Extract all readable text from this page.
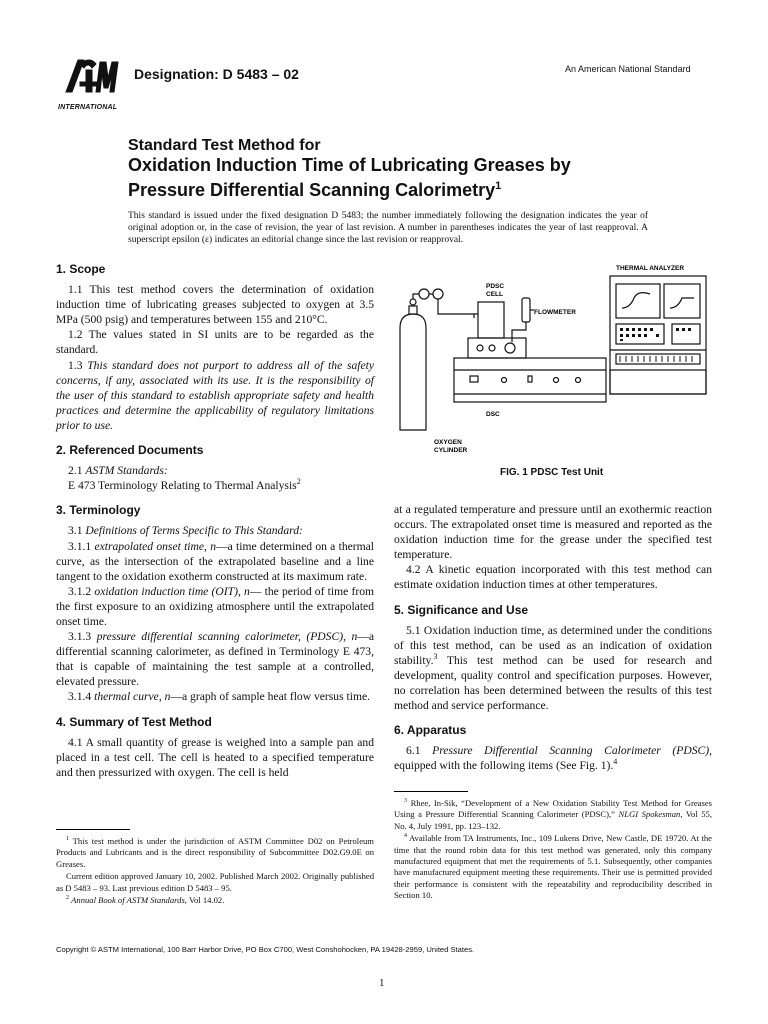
INTERNATIONAL
Designation: D 5483 – 02	An American National Standard
Standard Test Method for
Oxidation Induction Time of Lubricating Greases by
Pressure Differential Scanning Calorimetry$^1$
This standard is issued under the fixed designation D 5483; the number immediately following the designation indicates the year of original adoption or, in the case of revision, the year of last revision. A number in parentheses indicates the year of last reapproval. A superscript epsilon (ε) indicates an editorial change since the last revision or reapproval.
1. Scope

1.1 This test method covers the determination of oxidation induction time of lubricating greases subjected to oxygen at 3.5 MPa (500 psig) and temperatures between 155 and 210°C.

1.2 The values stated in SI units are to be regarded as the standard.

1.3 This standard does not purport to address all of the safety concerns, if any, associated with its use. It is the responsibility of the user of this standard to establish appropriate safety and health practices and determine the applicability of regulatory limitations prior to use.

2. Referenced Documents

2.1 ASTM Standards:

E 473 Terminology Relating to Thermal Analysis$^2$

3. Terminology

3.1 Definitions of Terms Specific to This Standard:

3.1.1 extrapolated onset time, n—a time determined on a thermal curve, as the intersection of the extrapolated baseline and a line tangent to the oxidation exotherm constructed at its maximum rate.

3.1.2 oxidation induction time (OIT), n— the period of time from the first exposure to an oxidizing atmosphere until the extrapolated onset time.

3.1.3 pressure differential scanning calorimeter, (PDSC), n—a differential scanning calorimeter, as defined in Terminology E 473, that is capable of maintaining the test sample at a controlled, elevated pressure.

3.1.4 thermal curve, n—a graph of sample heat flow versus time.

4. Summary of Test Method

4.1 A small quantity of grease is weighed into a sample pan and placed in a test cell. The cell is heated to a specified temperature and then pressurized with oxygen. The cell is held

OXYGEN
CYLINDER
PDSC
CELL
FLOWMETER
DSC
THERMAL ANALYZER
FIG. 1 PDSC Test Unit

at a regulated temperature and pressure until an exothermic reaction occurs. The extrapolated onset time is measured and reported as the oxidation induction time for the grease under the specified test temperature.

4.2 A kinetic equation incorporated with this test method can estimate oxidation induction times at other temperatures.

5. Significance and Use

5.1 Oxidation induction time, as determined under the conditions of this test method, can be used as an indication of oxidation stability.$^3$ This test method can be used for research and development, quality control and specification purposes. However, no correlation has been determined between the results of this test method and service performance.

6. Apparatus

6.1 Pressure Differential Scanning Calorimeter (PDSC), equipped with the following items (See Fig. 1).$^4$

$^1$ This test method is under the jurisdiction of ASTM Committee D02 on Petroleum Products and Lubricants and is the direct responsibility of Subcommittee D02.G9.0E on Greases.

Current edition approved January 10, 2002. Published March 2002. Originally published as D 5483 – 93. Last previous edition D 5483 – 95.

$^2$ Annual Book of ASTM Standards, Vol 14.02.

$^3$ Rhee, In-Sik, “Development of a New Oxidation Stability Test Method for Greases Using a Pressure Differential Scanning Calorimeter (PDSC),” NLGI Spokesman, Vol 55, No. 4, July 1991, pp. 123–132.

$^4$ Available from TA Instruments, Inc., 109 Lukens Drive, New Castle, DE 19720. At the time that the round robin data for this test method was generated, only this company manufactured equipment that met the requirements of 5.1. Subsequently, other companies have manufactured equipment meeting these requirements. Their use is permitted provided their performance is consistent with the repeatability and reproducibility described in Section 10.

Copyright © ASTM International, 100 Barr Harbor Drive, PO Box C700, West Conshohocken, PA 19428-2959, United States.
1
